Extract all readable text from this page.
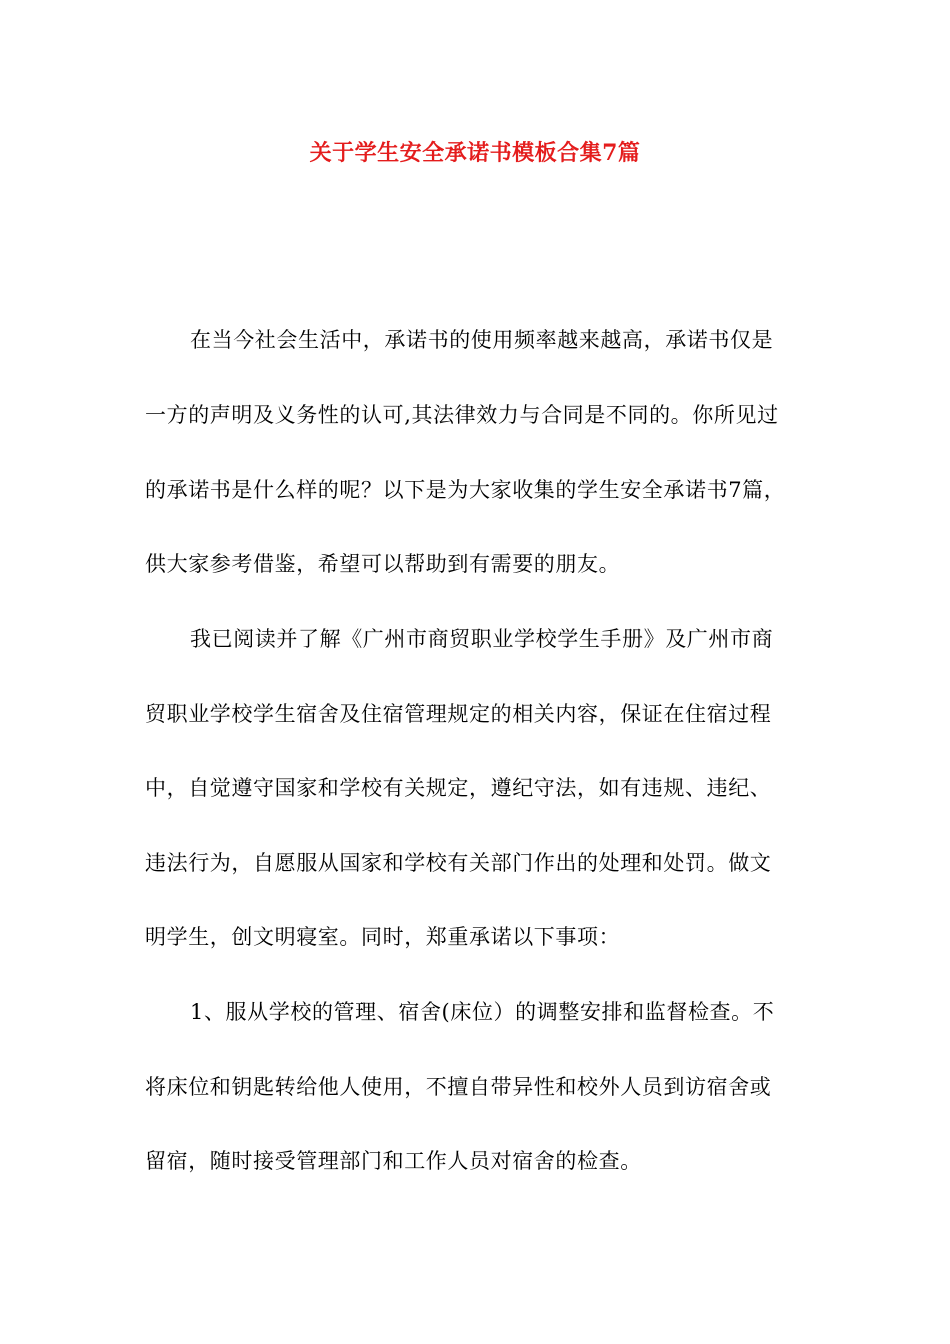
关于学生安全承诺书模板合集7篇
在当今社会生活中，承诺书的使用频率越来越高，承诺书仅是
一方的声明及义务性的认可,其法律效力与合同是不同的。你所见过
的承诺书是什么样的呢？以下是为大家收集的学生安全承诺书7篇，
供大家参考借鉴，希望可以帮助到有需要的朋友。
我已阅读并了解《广州市商贸职业学校学生手册》及广州市商
贸职业学校学生宿舍及住宿管理规定的相关内容，保证在住宿过程
中，自觉遵守国家和学校有关规定，遵纪守法，如有违规、违纪、
违法行为，自愿服从国家和学校有关部门作出的处理和处罚。做文
明学生，创文明寝室。同时，郑重承诺以下事项：
1、服从学校的管理、宿舍(床位）的调整安排和监督检查。不
将床位和钥匙转给他人使用，不擅自带异性和校外人员到访宿舍或
留宿，随时接受管理部门和工作人员对宿舍的检查。
